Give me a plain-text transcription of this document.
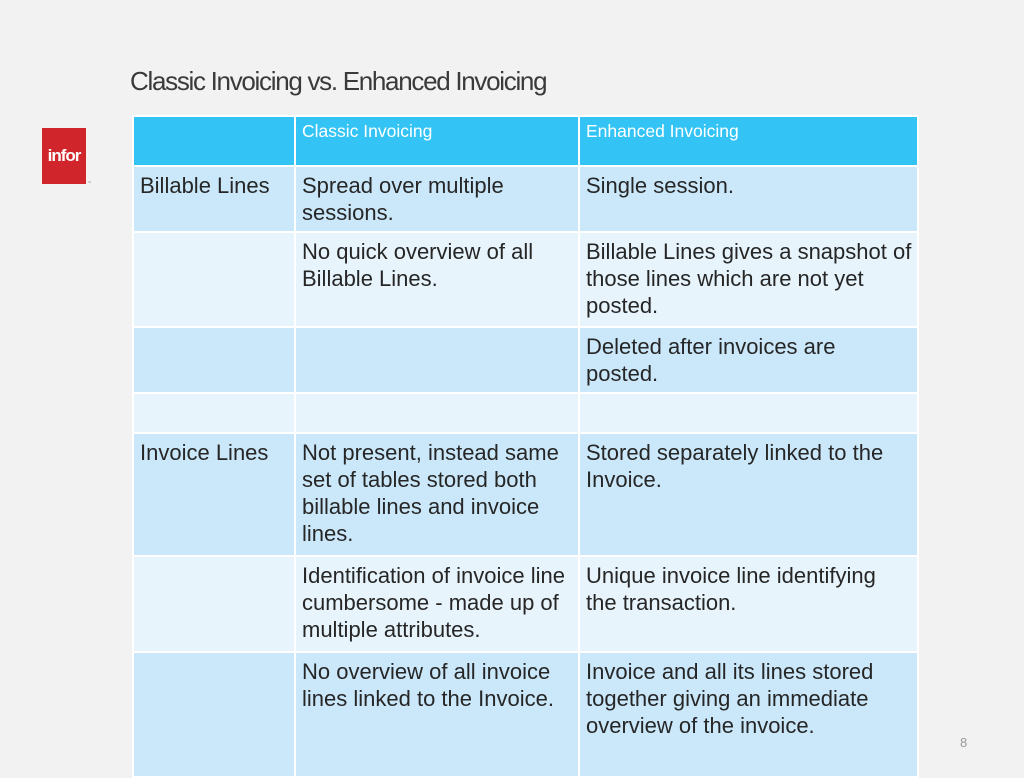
Classic Invoicing vs. Enhanced Invoicing
infor
™
	Classic Invoicing	Enhanced Invoicing
Billable Lines	Spread over multiple sessions.	Single session.
	No quick overview of all Billable Lines.	Billable Lines gives a snapshot of those lines which are not yet posted.
		Deleted after invoices are posted.

Invoice Lines	Not present, instead same set of tables stored both billable lines and invoice lines.	Stored separately linked to the Invoice.
	Identification of invoice line cumbersome - made up of multiple attributes.	Unique invoice line identifying the transaction.
	No overview of all invoice lines linked to the Invoice.	Invoice and all its lines stored together giving an immediate overview of the invoice.
8
